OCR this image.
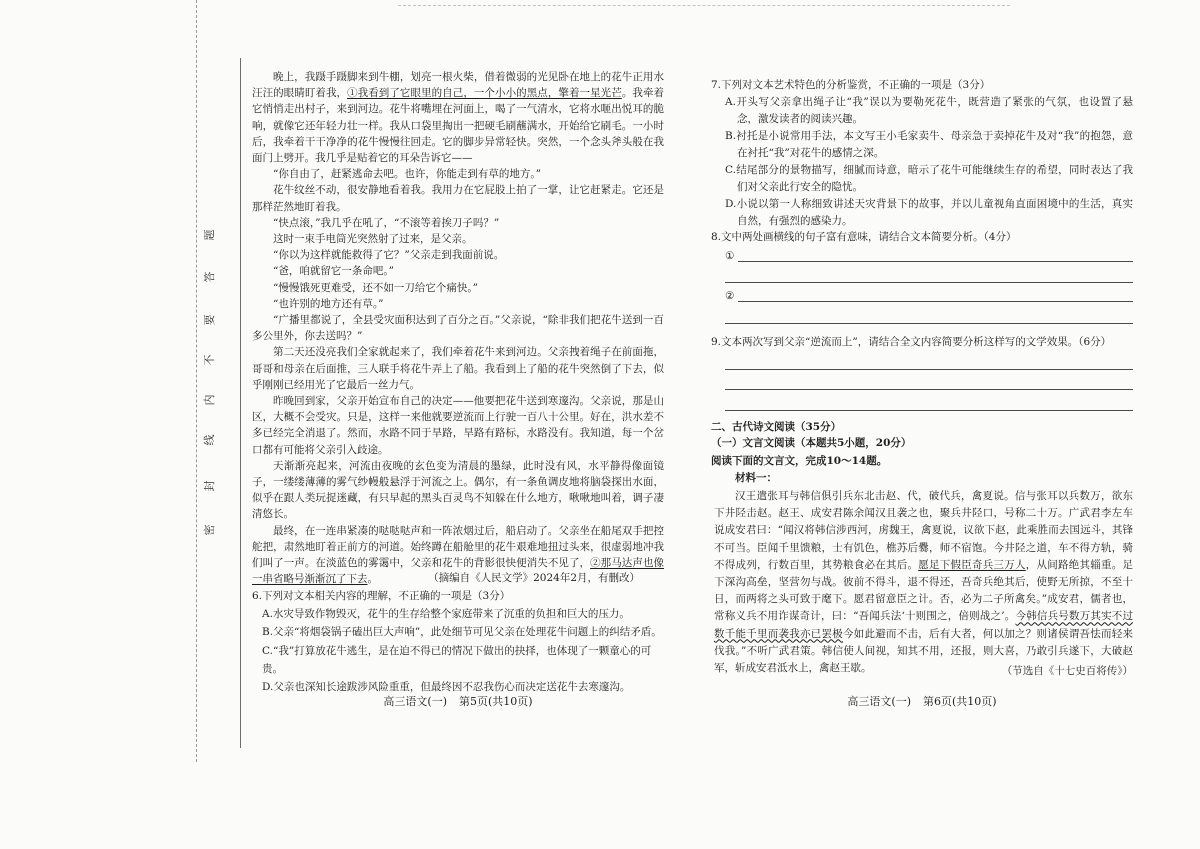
题
答
要
不
内
线
封
密

晚上，我蹑手蹑脚来到牛棚，划亮一根火柴，借着微弱的光见卧在地上的花牛正用水汪汪的眼睛盯着我，①我看到了它眼里的自己，一个小小的黑点，擎着一星光芒。我牵着它悄悄走出村子，来到河边。花牛将嘴埋在河面上，喝了一气清水，它将水咂出悦耳的脆响，就像它还年轻力壮一样。我从口袋里掏出一把硬毛刷蘸满水，开始给它刷毛。一小时后，我牵着干干净净的花牛慢慢往回走。它的脚步异常轻快。突然，一个念头斧头般在我面门上劈开。我几乎是贴着它的耳朵告诉它——

“你自由了，赶紧逃命去吧。也许，你能走到有草的地方。”

花牛纹丝不动，很安静地看着我。我用力在它屁股上拍了一掌，让它赶紧走。它还是那样茫然地盯着我。

“快点滚，”我几乎在吼了，“不滚等着挨刀子吗？”

这时一束手电筒光突然射了过来，是父亲。

“你以为这样就能救得了它？”父亲走到我面前说。

“爸，咱就留它一条命吧。”

“慢慢饿死更难受，还不如一刀给它个痛快。”

“也许别的地方还有草。”

“广播里都说了，全县受灾面积达到了百分之百。”父亲说，“除非我们把花牛送到一百多公里外，你去送吗？”

第二天还没亮我们全家就起来了，我们牵着花牛来到河边。父亲拽着绳子在前面拖，哥哥和母亲在后面推，三人联手将花牛弄上了船。我看到上了船的花牛突然倒了下去，似乎刚刚已经用光了它最后一丝力气。

昨晚回到家，父亲开始宣布自己的决定——他要把花牛送到寒邃沟。父亲说，那是山区，大概不会受灾。只是，这样一来他就要逆流而上行驶一百八十公里。好在，洪水差不多已经完全消退了。然而，水路不同于旱路，旱路有路标，水路没有。我知道，每一个岔口都有可能将父亲引入歧途。

天渐渐亮起来，河流由夜晚的玄色变为清晨的墨绿，此时没有风，水平静得像面镜子，一缕缕薄薄的雾气纱幔般悬浮于河流之上。偶尔，有一条鱼调皮地将脑袋探出水面，似乎在跟人类玩捉迷藏，有只早起的黑头百灵鸟不知躲在什么地方，啾啾地叫着，调子凄清悠长。

最终，在一连串紧凑的哒哒哒声和一阵浓烟过后，船启动了。父亲坐在船尾双手把控舵把，肃然地盯着正前方的河道。始终蹲在船舱里的花牛艰难地扭过头来，很虚弱地冲我们叫了一声。在淡蓝色的雾霭中，父亲和花牛的背影很快便消失不见了，②那马达声也像一串省略号渐渐沉了下去。	（摘编自《人民文学》2024年2月，有删改）

6.下列对文本相关内容的理解，不正确的一项是（3分）

A.水灾导致作物毁灭，花牛的生存给整个家庭带来了沉重的负担和巨大的压力。

B.父亲“将烟袋锅子磕出巨大声响”，此处细节可见父亲在处理花牛问题上的纠结矛盾。

C.“我”打算放花牛逃生，是在迫不得已的情况下做出的抉择，也体现了一颗童心的可贵。

D.父亲也深知长途跋涉风险重重，但最终因不忍我伤心而决定送花牛去寒邃沟。

高三语文(一) 第5页(共10页)

7.下列对文本艺术特色的分析鉴赏，不正确的一项是（3分）

A.开头写父亲拿出绳子让“我”误以为要勒死花牛，既营造了紧张的气氛，也设置了悬念，激发读者的阅读兴趣。

B.衬托是小说常用手法，本文写王小毛家卖牛、母亲急于卖掉花牛及对“我”的抱怨，意在衬托“我”对花牛的感情之深。

C.结尾部分的景物描写，细腻而诗意，暗示了花牛可能继续生存的希望，同时表达了我们对父亲此行安全的隐忧。

D.小说以第一人称细致讲述天灾背景下的故事，并以儿童视角直面困境中的生活，真实自然，有强烈的感染力。

8.文中两处画横线的句子富有意味，请结合文本简要分析。（4分）

①
②

9.文本两次写到父亲“逆流而上”，请结合全文内容简要分析这样写的文学效果。（6分）

二、古代诗文阅读（35分）

（一）文言文阅读（本题共5小题，20分）

阅读下面的文言文，完成10～14题。

材料一：

汉王遣张耳与韩信俱引兵东北击赵、代，破代兵，禽夏说。信与张耳以兵数万，欲东下井陉击赵。赵王、成安君陈余闻汉且袭之也，聚兵井陉口，号称二十万。广武君李左车说成安君曰：“闻汉将韩信涉西河，虏魏王，禽夏说，议欲下赵，此乘胜而去国远斗，其锋不可当。臣闻千里馈粮，士有饥色，樵苏后爨，师不宿饱。今井陉之道，车不得方轨，骑不得成列，行数百里，其势粮食必在其后。愿足下假臣奇兵三万人，从间路绝其辎重。足下深沟高垒，坚营勿与战。彼前不得斗，退不得还，吾奇兵绝其后，使野无所掠，不至十日，而两将之头可致于麾下。愿君留意臣之计。否，必为二子所禽矣。”成安君，儒者也，常称义兵不用诈谋奇计，曰：“吾闻兵法‘十则围之，倍则战之’。今韩信兵号数万其实不过数千能千里而袭我亦已罢极今如此避而不击，后有大者，何以加之？则诸侯谓吾怯而轻来伐我。”不听广武君策。韩信使人间视，知其不用，还报，则大喜，乃敢引兵遂下，大破赵军，斩成安君泜水上，禽赵王歇。	（节选自《十七史百将传》）

高三语文(一) 第6页(共10页)
